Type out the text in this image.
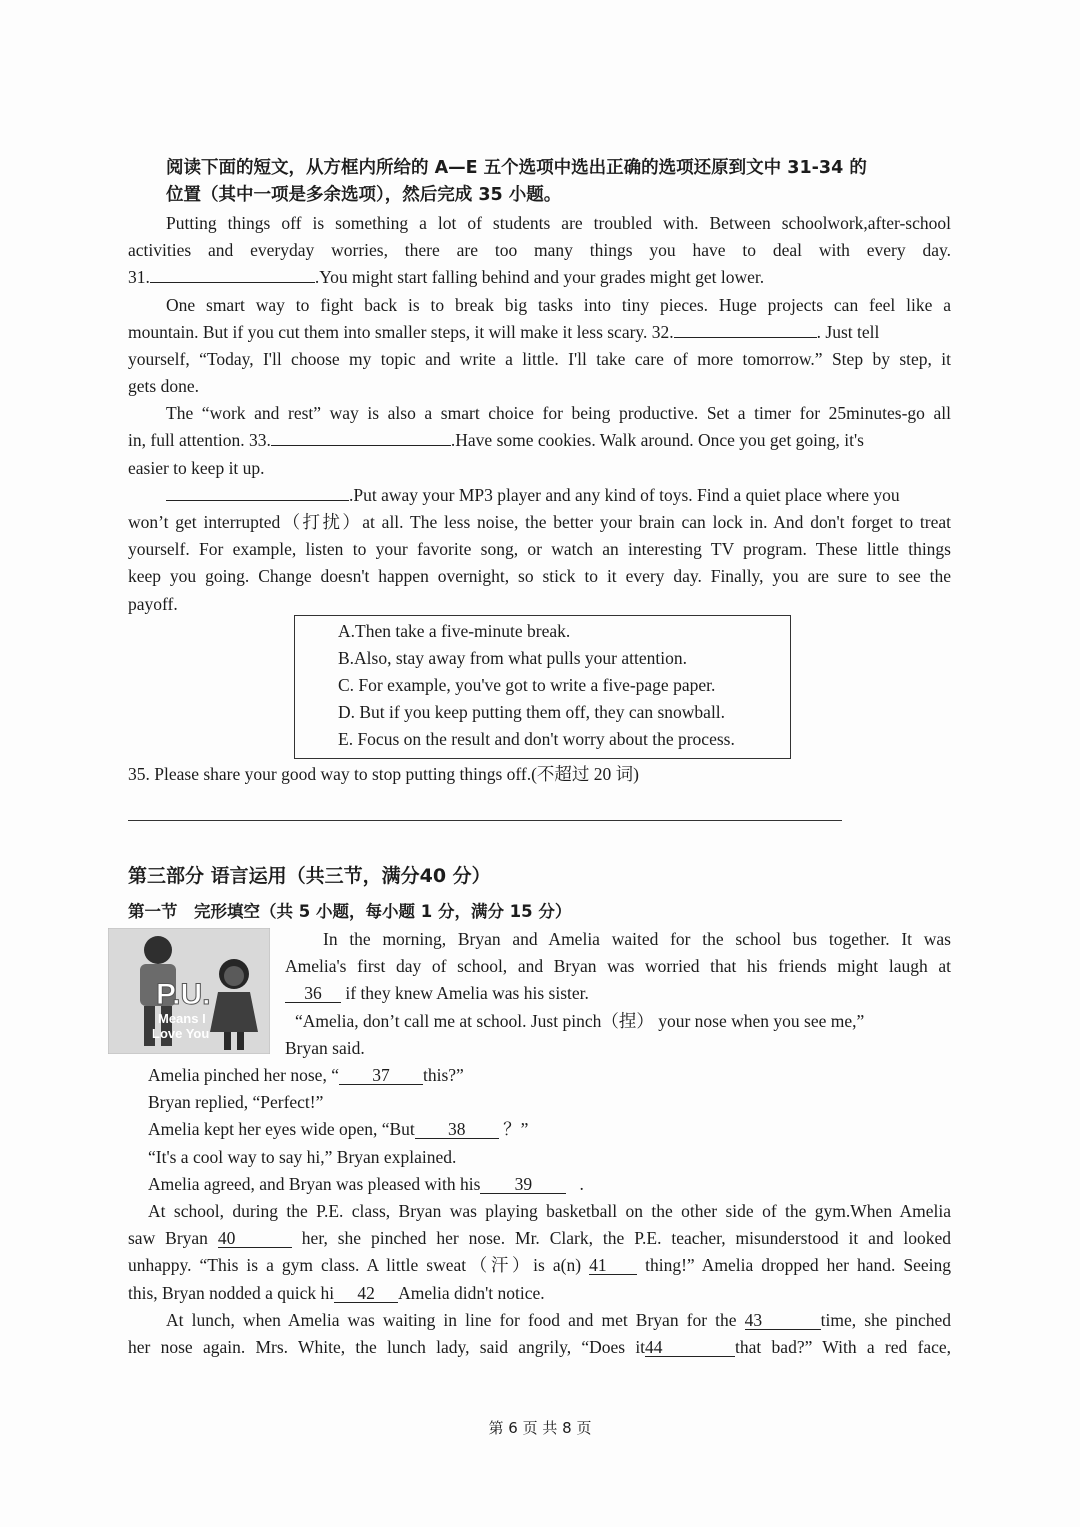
阅读下面的短文，从方框内所给的 A—E 五个选项中选出正确的选项还原到文中 31-34 的
位置（其中一项是多余选项），然后完成 35 小题。
Putting things off is something a lot of students are troubled with. Between schoolwork,after-school
activities and everyday worries, there are too many things you have to deal with every day.
31.	.You might start falling behind and your grades might get lower.
One smart way to fight back is to break big tasks into tiny pieces. Huge projects can feel like a
mountain. But if you cut them into smaller steps, it will make it less scary. 32.	. Just tell
yourself, “Today, I'll choose my topic and write a little. I'll take care of more tomorrow.” Step by step, it
gets done.
The “work and rest” way is also a smart choice for being productive. Set a timer for 25minutes-go all
in, full attention. 33.	.Have some cookies. Walk around. Once you get going, it's
easier to keep it up.
.Put away your MP3 player and any kind of toys. Find a quiet place where you
won’t get interrupted（打扰）at all. The less noise, the better your brain can lock in. And don't forget to treat
yourself. For example, listen to your favorite song, or watch an interesting TV program. These little things
keep you going. Change doesn't happen overnight, so stick to it every day. Finally, you are sure to see the
payoff.
A.Then take a five-minute break.
B.Also, stay away from what pulls your attention.
C. For example, you've got to write a five-page paper.
D. But if you keep putting them off, they can snowball.
E. Focus on the result and don't worry about the process.
35. Please share your good way to stop putting things off.(不超过 20 词)
第三部分 语言运用（共三节，满分40 分）
第一节　完形填空（共 5 小题，每小题 1 分，满分 15 分）
P.U.
Means I
Love You
In the morning, Bryan and Amelia waited for the school bus together. It was
Amelia's first day of school, and Bryan was worried that his friends might laugh at
36 if they knew Amelia was his sister.
“Amelia, don’t call me at school. Just pinch（捏） your nose when you see me,”
Bryan said.
Amelia pinched her nose, “ 37 this?”
Bryan replied, “Perfect!”
Amelia kept her eyes wide open, “But 38 ？”
“It's a cool way to say hi,” Bryan explained.
Amelia agreed, and Bryan was pleased with his 39	.
At school, during the P.E. class, Bryan was playing basketball on the other side of the gym.When Amelia
saw Bryan 40	her, she pinched her nose. Mr. Clark, the P.E. teacher, misunderstood it and looked
unhappy. “This is a gym class. A little sweat（汗）is a(n) 41 thing!” Amelia dropped her hand. Seeing
this, Bryan nodded a quick hi 42 Amelia didn't notice.
At lunch, when Amelia was waiting in line for food and met Bryan for the 43	time, she pinched
her nose again. Mrs. White, the lunch lady, said angrily, “Does it44	that bad?” With a red face,
第 6 页 共 8 页
